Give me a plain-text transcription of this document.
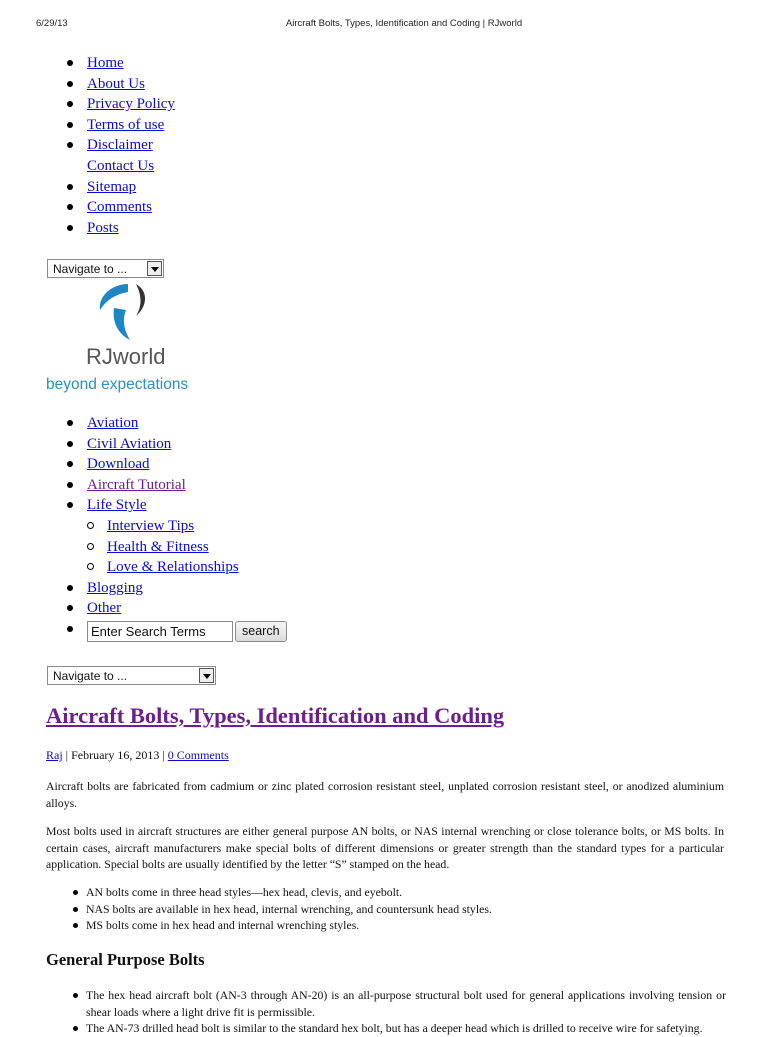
6/29/13	Aircraft Bolts, Types, Identification and Coding | RJworld
Home
About Us
Privacy Policy
Terms of use
Disclaimer
Contact Us
Sitemap
Comments
Posts
Navigate to ...
RJworld
beyond expectations
Aviation
Civil Aviation
Download
Aircraft Tutorial
Life Style
Interview Tips
Health & Fitness
Love & Relationships
Blogging
Other
Enter Search Terms	search
Navigate to ...
Aircraft Bolts, Types, Identification and Coding
Raj | February 16, 2013 | 0 Comments

Aircraft bolts are fabricated from cadmium or zinc plated corrosion resistant steel, unplated corrosion resistant steel, or anodized aluminium alloys.

Most bolts used in aircraft structures are either general purpose AN bolts, or NAS internal wrenching or close tolerance bolts, or MS bolts. In certain cases, aircraft manufacturers make special bolts of different dimensions or greater strength than the standard types for a particular application. Special bolts are usually identified by the letter “S” stamped on the head.

AN bolts come in three head styles—hex head, clevis, and eyebolt.
NAS bolts are available in hex head, internal wrenching, and countersunk head styles.
MS bolts come in hex head and internal wrenching styles.
General Purpose Bolts
The hex head aircraft bolt (AN-3 through AN-20) is an all-purpose structural bolt used for general applications involving tension or shear loads where a light drive fit is permissible.
The AN-73 drilled head bolt is similar to the standard hex bolt, but has a deeper head which is drilled to receive wire for safetying.
